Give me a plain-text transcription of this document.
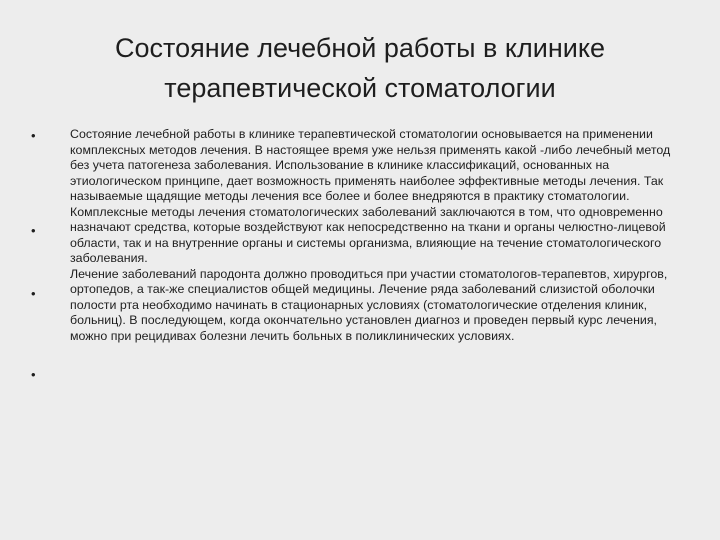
Состояние лечебной работы в клинике терапевтической стоматологии
•
•
•
•

Состояние лечебной работы в клинике терапевтической стоматологии основывается на применении комплексных методов лечения. В настоящее время уже нельзя применять какой -либо лечебный метод без учета патогенеза заболевания. Использование в клинике классификаций, основанных на этиологическом принципе, дает возможность применять наиболее эффективные методы лечения. Так называемые щадящие методы лечения все более и более внедряются в практику стоматологии.

Комплексные методы лечения стоматологических заболеваний заключаются в том, что одновременно назначают средства, которые воздействуют как непосредственно на ткани и органы челюстно-лицевой области, так и на внутренние органы и системы организма, влияющие на течение стоматологического заболевания.

Лечение заболеваний пародонта должно проводиться при участии стоматологов-терапевтов, хирургов, ортопедов, а так-же специалистов общей медицины. Лечение ряда заболеваний слизистой оболочки полости рта необходимо начинать в стационарных условиях (стоматологические отделения клиник, больниц). В последующем, когда окончательно установлен диагноз и проведен первый курс лечения, можно при рецидивах болезни лечить больных в поликлинических условиях.
